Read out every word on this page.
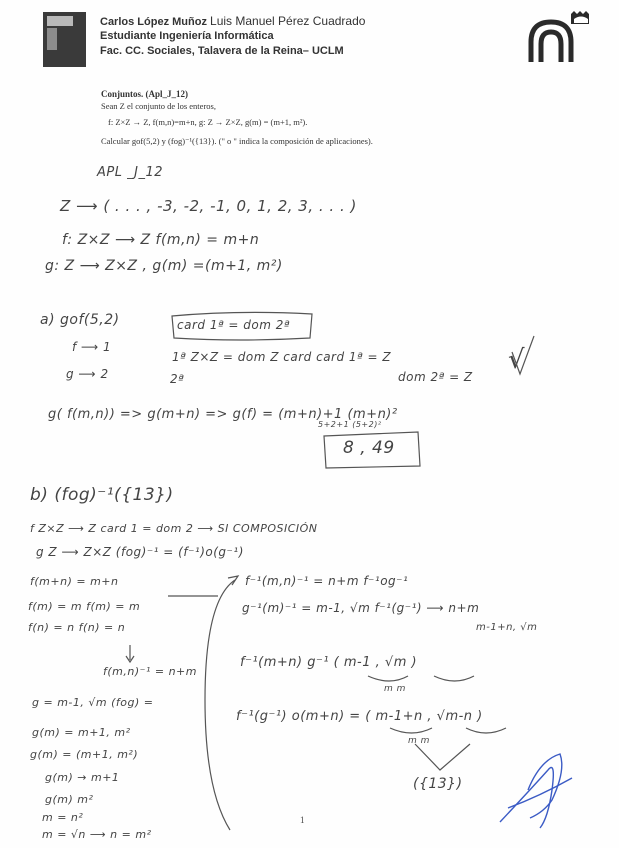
Carlos López Muñoz Luis Manuel Pérez Cuadrado
Estudiante Ingeniería Informática
Fac. CC. Sociales, Talavera de la Reina– UCLM
Conjuntos. (Apl_J_12)
Sean Z el conjunto de los enteros,
f: Z×Z → Z, f(m,n)=m+n, g: Z → Z×Z, g(m) = (m+1, m²).
Calcular gof(5,2) y (fog)⁻¹({13}). (" o " indica la composición de aplicaciones).
APL _J_12
Z ⟶ ( . . . , -3, -2, -1, 0, 1, 2, 3, . . . )
f: Z×Z ⟶ Z f(m,n) = m+n
g: Z ⟶ Z×Z , g(m) =(m+1, m²)
a) gof(5,2)	card 1ª = dom 2ª
f ⟶ 1
g ⟶ 2
1ª Z×Z = dom Z card card 1ª = Z
2ª	dom 2ª = Z
√
g( f(m,n)) => g(m+n) => g(f) = (m+n)+1 (m+n)²
5+2+1 (5+2)²
8 , 49
b) (fog)⁻¹({13})
f Z×Z ⟶ Z card 1 = dom 2 ⟶ SI COMPOSICIÓN
g Z ⟶ Z×Z (fog)⁻¹ = (f⁻¹)o(g⁻¹)
f(m+n) = m+n
f(m) = m f(m) = m
f(n) = n f(n) = n
f(m,n)⁻¹ = n+m
g = m-1, √m (fog) =
g(m) = m+1, m²
g(m) = (m+1, m²)
g(m) → m+1
g(m) m²
m = n²
m = √n ⟶ n = m²
f⁻¹(m,n)⁻¹ = n+m f⁻¹og⁻¹
g⁻¹(m)⁻¹ = m-1, √m f⁻¹(g⁻¹) ⟶ n+m
m-1+n, √m
f⁻¹(m+n) g⁻¹ ( m-1 , √m )
m m
f⁻¹(g⁻¹) o(m+n) = ( m-1+n , √m-n )
m m
({13})
1
